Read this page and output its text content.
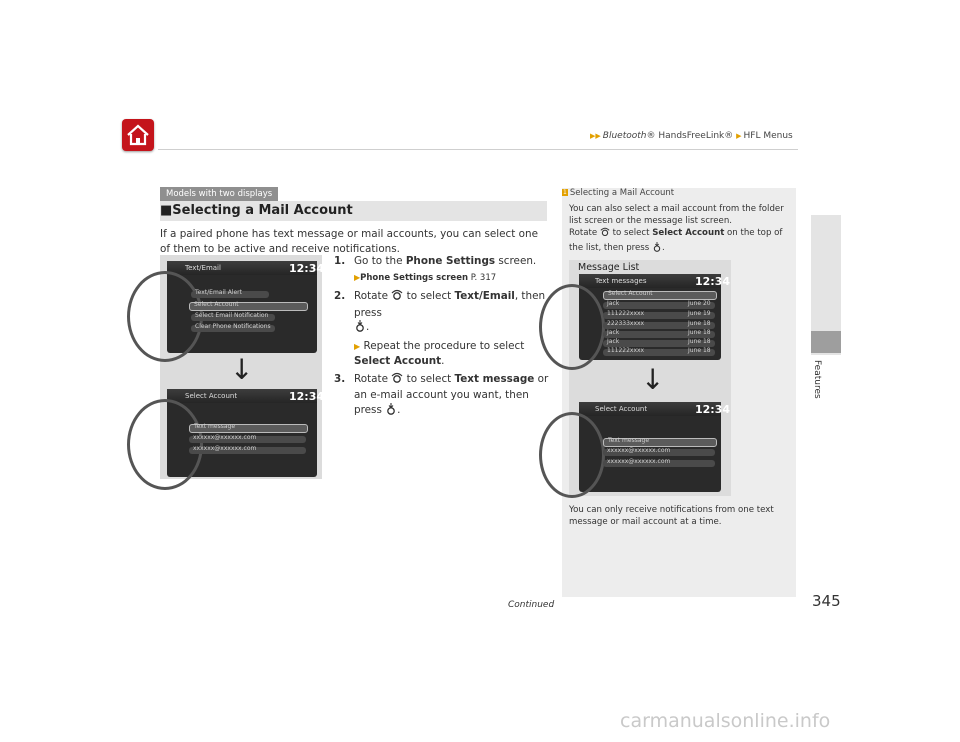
▶▶ Bluetooth® HandsFreeLink® ▶ HFL Menus
Features
Models with two displays
■Selecting a Mail Account
If a paired phone has text message or mail accounts, you can select one of them to be active and receive notifications.
Text/Email	12:34
Text/Email Alert
Select Account
Select Email Notification
Clear Phone Notifications
↓
Select Account	12:34
Text message
xxxxxx@xxxxxx.com
xxxxxx@xxxxxx.com
1. Go to the Phone Settings screen.
▶Phone Settings screen P. 317
2. Rotate  to select Text/Email, then press
.
▶ Repeat the procedure to select Select Account.
3. Rotate  to select Text message or an e-mail account you want, then press .
1 Selecting a Mail Account
You can also select a mail account from the folder list screen or the message list screen.
Rotate  to select Select Account on the top of the list, then press .
Text messages	12:34
Select Account
Jack	June 20
111222xxxx	June 19
222333xxxx	June 18
Jack	June 18
Jack	June 18
111222xxxx	June 18
↓
Select Account	12:34
Text message
xxxxxx@xxxxxx.com
xxxxxx@xxxxxx.com
Message List
You can only receive notifications from one text message or mail account at a time.
Continued	345
carmanualsonline.info
